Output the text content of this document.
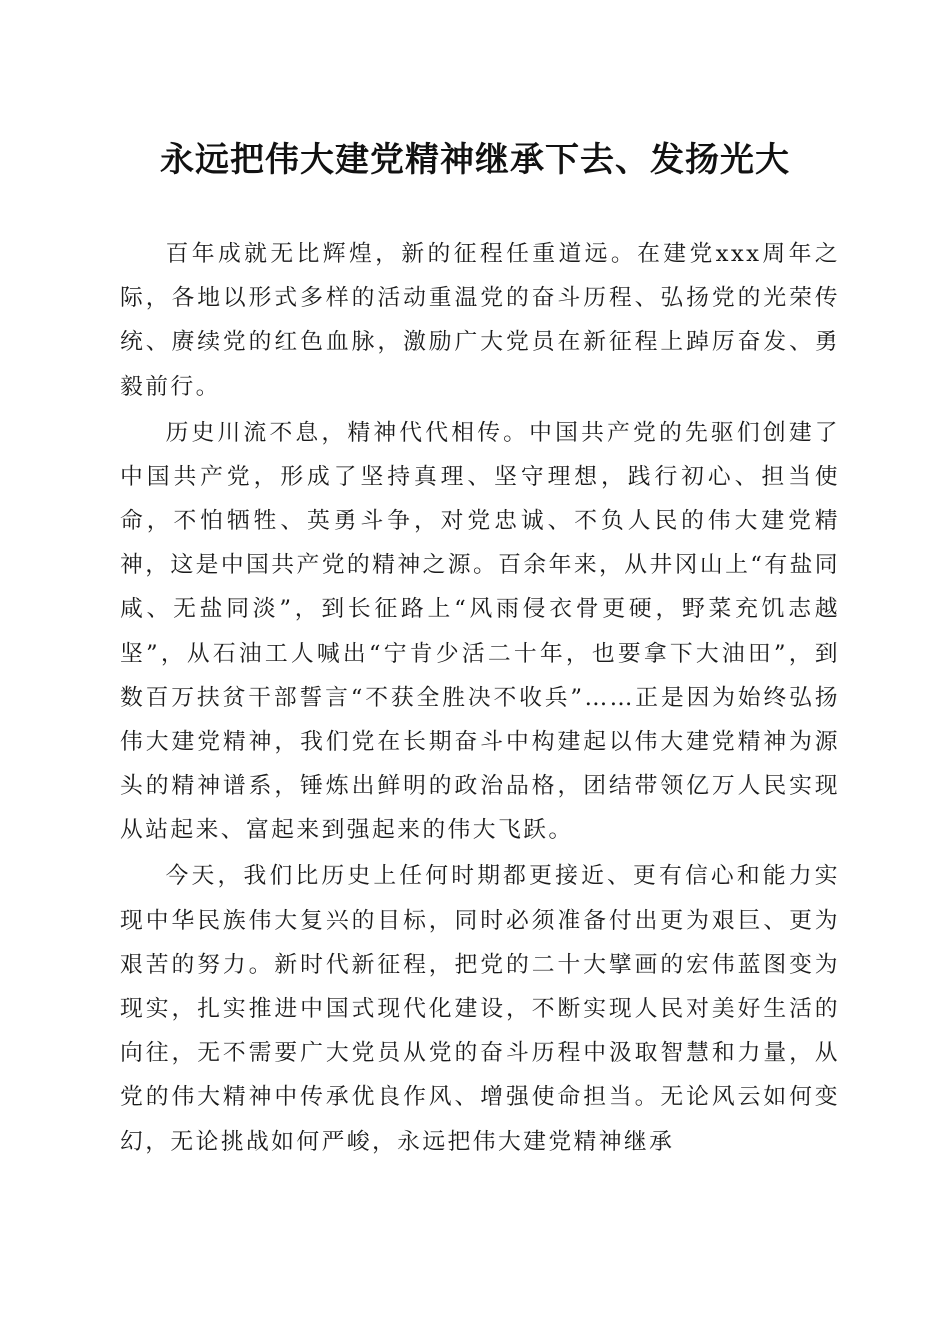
永远把伟大建党精神继承下去、发扬光大

百年成就无比辉煌，新的征程任重道远。在建党xxx周年之际，各地以形式多样的活动重温党的奋斗历程、弘扬党的光荣传统、赓续党的红色血脉，激励广大党员在新征程上踔厉奋发、勇毅前行。

历史川流不息，精神代代相传。中国共产党的先驱们创建了中国共产党，形成了坚持真理、坚守理想，践行初心、担当使命，不怕牺牲、英勇斗争，对党忠诚、不负人民的伟大建党精神，这是中国共产党的精神之源。百余年来，从井冈山上“有盐同咸、无盐同淡”，到长征路上“风雨侵衣骨更硬，野菜充饥志越坚”，从石油工人喊出“宁肯少活二十年，也要拿下大油田”，到数百万扶贫干部誓言“不获全胜决不收兵”……正是因为始终弘扬伟大建党精神，我们党在长期奋斗中构建起以伟大建党精神为源头的精神谱系，锤炼出鲜明的政治品格，团结带领亿万人民实现从站起来、富起来到强起来的伟大飞跃。

今天，我们比历史上任何时期都更接近、更有信心和能力实现中华民族伟大复兴的目标，同时必须准备付出更为艰巨、更为艰苦的努力。新时代新征程，把党的二十大擘画的宏伟蓝图变为现实，扎实推进中国式现代化建设，不断实现人民对美好生活的向往，无不需要广大党员从党的奋斗历程中汲取智慧和力量，从党的伟大精神中传承优良作风、增强使命担当。无论风云如何变幻，无论挑战如何严峻，永远把伟大建党精神继承
